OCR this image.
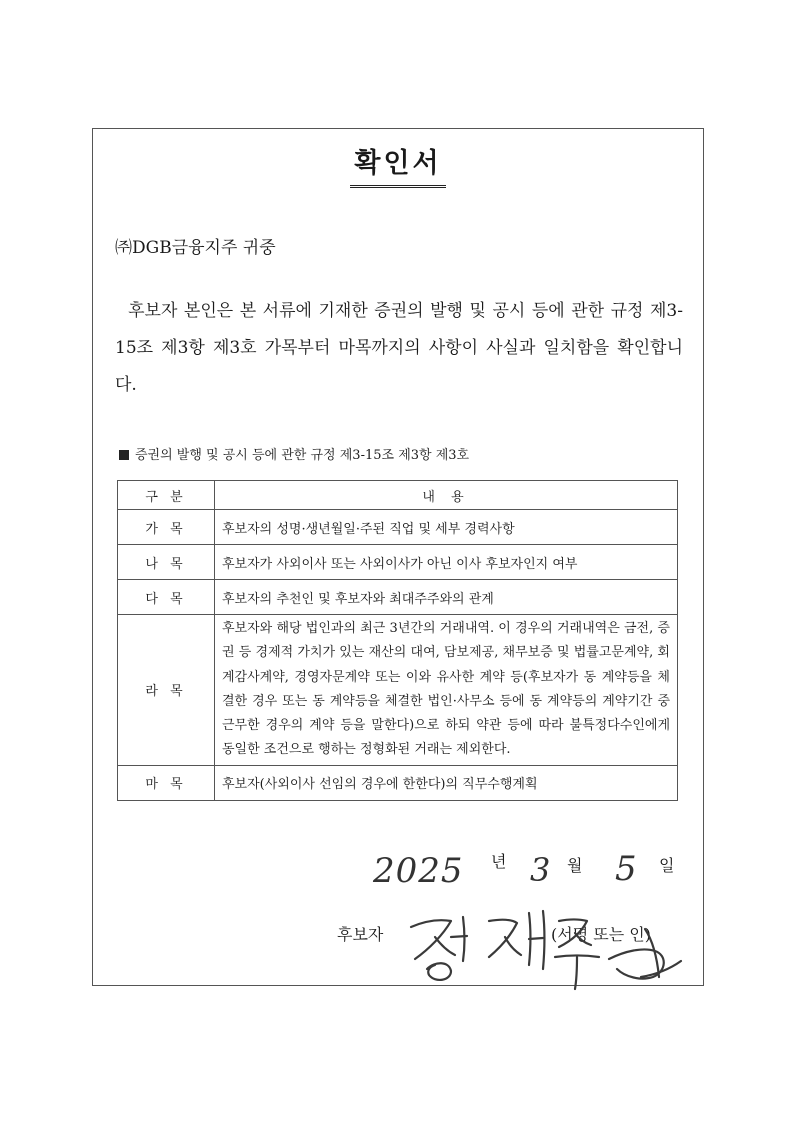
확인서
㈜DGB금융지주 귀중
후보자 본인은 본 서류에 기재한 증권의 발행 및 공시 등에 관한 규정 제3-15조 제3항 제3호 가목부터 마목까지의 사항이 사실과 일치함을 확인합니다.
증권의 발행 및 공시 등에 관한 규정 제3-15조 제3항 제3호
구 분	내 용
가 목	후보자의 성명·생년월일·주된 직업 및 세부 경력사항
나 목	후보자가 사외이사 또는 사외이사가 아닌 이사 후보자인지 여부
다 목	후보자의 추천인 및 후보자와 최대주주와의 관계
라 목	후보자와 해당 법인과의 최근 3년간의 거래내역. 이 경우의 거래내역은 금전, 증권 등 경제적 가치가 있는 재산의 대여, 담보제공, 채무보증 및 법률고문계약, 회계감사계약, 경영자문계약 또는 이와 유사한 계약 등(후보자가 동 계약등을 체결한 경우 또는 동 계약등을 체결한 법인·사무소 등에 동 계약등의 계약기간 중 근무한 경우의 계약 등을 말한다)으로 하되 약관 등에 따라 불특정다수인에게 동일한 조건으로 행하는 정형화된 거래는 제외한다.
마 목	후보자(사외이사 선임의 경우에 한한다)의 직무수행계획
2025 년 3 월 5 일
후보자	(서명 또는 인)
